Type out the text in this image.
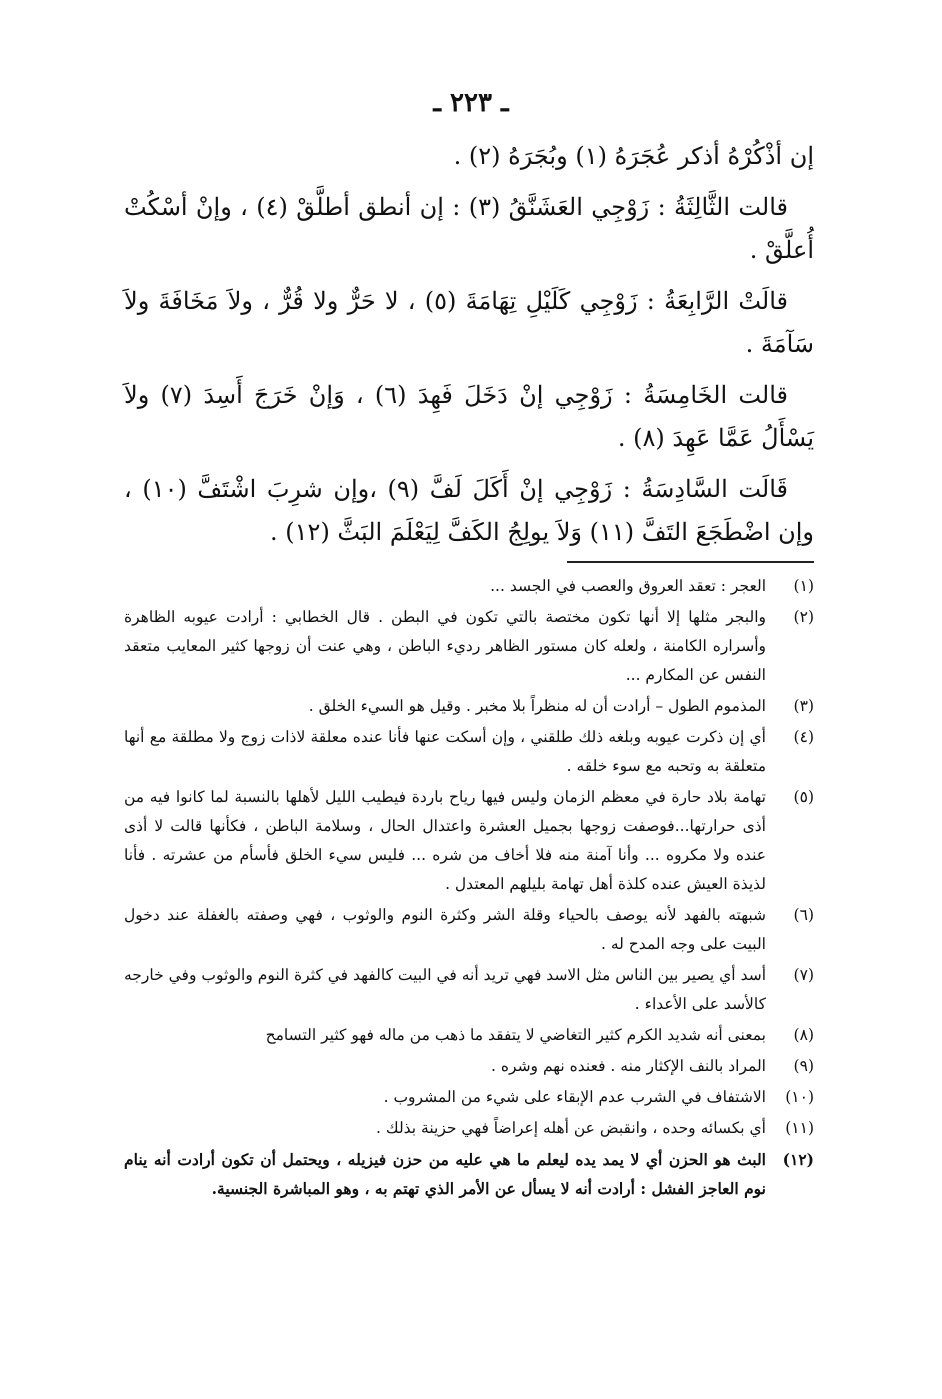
ـ ٢٢٣ ـ

إن أذْكُرْهُ أذكر عُجَرَهُ (١) وبُجَرَهُ (٢) .

قالت الثَّالِثَةُ : زَوْجِي العَشَنَّقُ (٣) : إن أنطق أطلَّقْ (٤) ، وإنْ أسْكُتْ أُعلَّقْ .

قالَتْ الرَّابِعَةُ : زَوْجِي كَلَيْلِ تِهَامَةَ (٥) ، لا حَرٌّ ولا قُرٌّ ، ولاَ مَخَافَةَ ولاَ سَآمَةَ .

قالت الخَامِسَةُ : زَوْجِي إنْ دَخَلَ فَهِدَ (٦) ، وَإنْ خَرَجَ أَسِدَ (٧) ولاَ يَسْأَلُ عَمَّا عَهِدَ (٨) .

قَالَت السَّادِسَةُ : زَوْجِي إنْ أَكَلَ لَفَّ (٩) ،وإن شرِبَ اشْتَفَّ (١٠) ، وإن اضْطَجَعَ التَفَّ (١١) وَلاَ يولِجُ الكَفَّ لِيَعْلَمَ البَثَّ (١٢) .

(١)
العجر : تعقد العروق والعصب في الجسد ...
(٢)
والبجر مثلها إلا أنها تكون مختصة بالتي تكون في البطن . قال الخطابي : أرادت عيوبه الظاهرة وأسراره الكامنة ، ولعله كان مستور الظاهر رديء الباطن ، وهي عنت أن زوجها كثير المعايب متعقد النفس عن المكارم ...
(٣)
المذموم الطول – أرادت أن له منظراً بلا مخبر . وقيل هو السيء الخلق .
(٤)
أي إن ذكرت عيوبه وبلغه ذلك طلقني ، وإن أسكت عنها فأنا عنده معلقة لاذات زوج ولا مطلقة مع أنها متعلقة به وتحبه مع سوء خلقه .
(٥)
تهامة بلاد حارة في معظم الزمان وليس فيها رياح باردة فيطيب الليل لأهلها بالنسبة لما كانوا فيه من أذى حرارتها...فوصفت زوجها بجميل العشرة واعتدال الحال ، وسلامة الباطن ، فكأنها قالت لا أذى عنده ولا مكروه ... وأنا آمنة منه فلا أخاف من شره ... فليس سيء الخلق فأسأم من عشرته . فأنا لذيذة العيش عنده كلذة أهل تهامة بليلهم المعتدل .
(٦)
شبهته بالفهد لأنه يوصف بالحياء وقلة الشر وكثرة النوم والوثوب ، فهي وصفته بالغفلة عند دخول البيت على وجه المدح له .
(٧)
أسد أي يصير بين الناس مثل الاسد فهي تريد أنه في البيت كالفهد في كثرة النوم والوثوب وفي خارجه كالأسد على الأعداء .
(٨)
بمعنى أنه شديد الكرم كثير التغاضي لا يتفقد ما ذهب من ماله فهو كثير التسامح
(٩)
المراد بالنف الإكثار منه . فعنده نهم وشره .
(١٠)
الاشتفاف في الشرب عدم الإبقاء على شيء من المشروب .
(١١)
أي بكسائه وحده ، وانقبض عن أهله إعراضاً فهي حزينة بذلك .
(١٢)
البث هو الحزن أي لا يمد يده ليعلم ما هي عليه من حزن فيزيله ، ويحتمل أن تكون أرادت أنه ينام نوم العاجز الفشل : أرادت أنه لا يسأل عن الأمر الذي تهتم به ، وهو المباشرة الجنسية.
